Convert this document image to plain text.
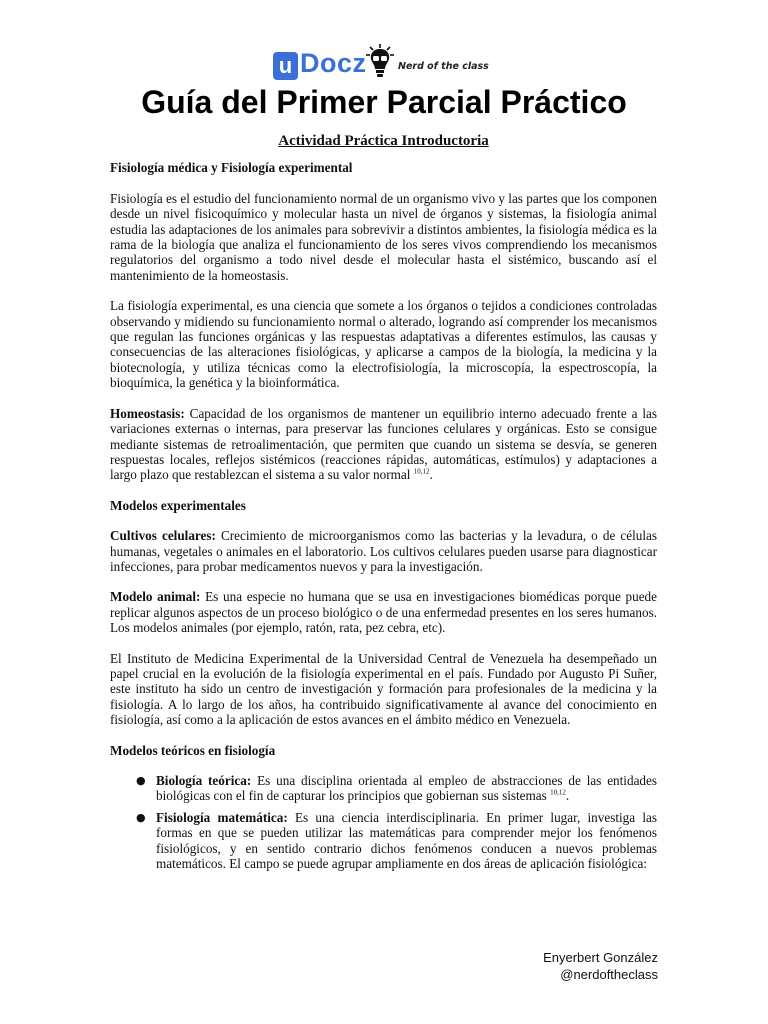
u Docz	Nerd of the class
Guía del Primer Parcial Práctico
Actividad Práctica Introductoria
Fisiología médica y Fisiología experimental
Fisiología es el estudio del funcionamiento normal de un organismo vivo y las partes que los componen desde un nivel fisicoquímico y molecular hasta un nivel de órganos y sistemas, la fisiología animal estudia las adaptaciones de los animales para sobrevivir a distintos ambientes, la fisiología médica es la rama de la biología que analiza el funcionamiento de los seres vivos comprendiendo los mecanismos regulatorios del organismo a todo nivel desde el molecular hasta el sistémico, buscando así el mantenimiento de la homeostasis.
La fisiología experimental, es una ciencia que somete a los órganos o tejidos a condiciones controladas observando y midiendo su funcionamiento normal o alterado, logrando así comprender los mecanismos que regulan las funciones orgánicas y las respuestas adaptativas a diferentes estímulos, las causas y consecuencias de las alteraciones fisiológicas, y aplicarse a campos de la biología, la medicina y la biotecnología, y utiliza técnicas como la electrofisiología, la microscopía, la espectroscopía, la bioquímica, la genética y la bioinformática.
Homeostasis: Capacidad de los organismos de mantener un equilibrio interno adecuado frente a las variaciones externas o internas, para preservar las funciones celulares y orgánicas. Esto se consigue mediante sistemas de retroalimentación, que permiten que cuando un sistema se desvía, se generen respuestas locales, reflejos sistémicos (reacciones rápidas, automáticas, estímulos) y adaptaciones a largo plazo que restablezcan el sistema a su valor normal $^{10,12}$.
Modelos experimentales
Cultivos celulares: Crecimiento de microorganismos como las bacterias y la levadura, o de células humanas, vegetales o animales en el laboratorio. Los cultivos celulares pueden usarse para diagnosticar infecciones, para probar medicamentos nuevos y para la investigación.
Modelo animal: Es una especie no humana que se usa en investigaciones biomédicas porque puede replicar algunos aspectos de un proceso biológico o de una enfermedad presentes en los seres humanos. Los modelos animales (por ejemplo, ratón, rata, pez cebra, etc).
El Instituto de Medicina Experimental de la Universidad Central de Venezuela ha desempeñado un papel crucial en la evolución de la fisiología experimental en el país. Fundado por Augusto Pi Suñer, este instituto ha sido un centro de investigación y formación para profesionales de la medicina y la fisiología. A lo largo de los años, ha contribuido significativamente al avance del conocimiento en fisiología, así como a la aplicación de estos avances en el ámbito médico en Venezuela.
Modelos teóricos en fisiología
● Biología teórica: Es una disciplina orientada al empleo de abstracciones de las entidades biológicas con el fin de capturar los principios que gobiernan sus sistemas $^{10,12}$.
● Fisiología matemática: Es una ciencia interdisciplinaria. En primer lugar, investiga las formas en que se pueden utilizar las matemáticas para comprender mejor los fenómenos fisiológicos, y en sentido contrario dichos fenómenos conducen a nuevos problemas matemáticos. El campo se puede agrupar ampliamente en dos áreas de aplicación fisiológica:
Enyerbert González
@nerdoftheclass
